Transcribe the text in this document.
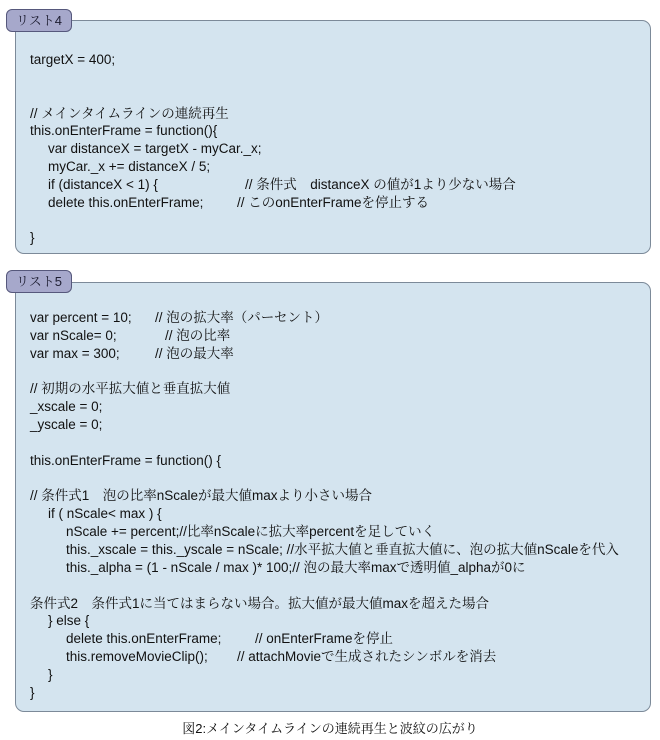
targetX = 400;
// メインタイムラインの連続再生
this.onEnterFrame = function(){
var distanceX = targetX - myCar._x;
myCar._x += distanceX / 5;
if (distanceX < 1) {	// 条件式　distanceX の値が1より少ない場合
delete this.onEnterFrame; // このonEnterFrameを停止する
}
リスト4
var percent = 10; // 泡の拡大率（パーセント）
var nScale= 0;	// 泡の比率
var max = 300;	// 泡の最大率
// 初期の水平拡大値と垂直拡大値
_xscale = 0;
_yscale = 0;
this.onEnterFrame = function() {
// 条件式1　泡の比率nScaleが最大値maxより小さい場合
if ( nScale< max ) {
nScale += percent;//比率nScaleに拡大率percentを足していく
this._xscale = this._yscale = nScale; //水平拡大値と垂直拡大値に、泡の拡大値nScaleを代入
this._alpha = (1 - nScale / max )* 100;// 泡の最大率maxで透明値_alphaが0に
条件式2　条件式1に当てはまらない場合。拡大値が最大値maxを超えた場合
} else {
delete this.onEnterFrame; // onEnterFrameを停止
this.removeMovieClip(); // attachMovieで生成されたシンボルを消去
}
}
リスト5
図2:メインタイムラインの連続再生と波紋の広がり
